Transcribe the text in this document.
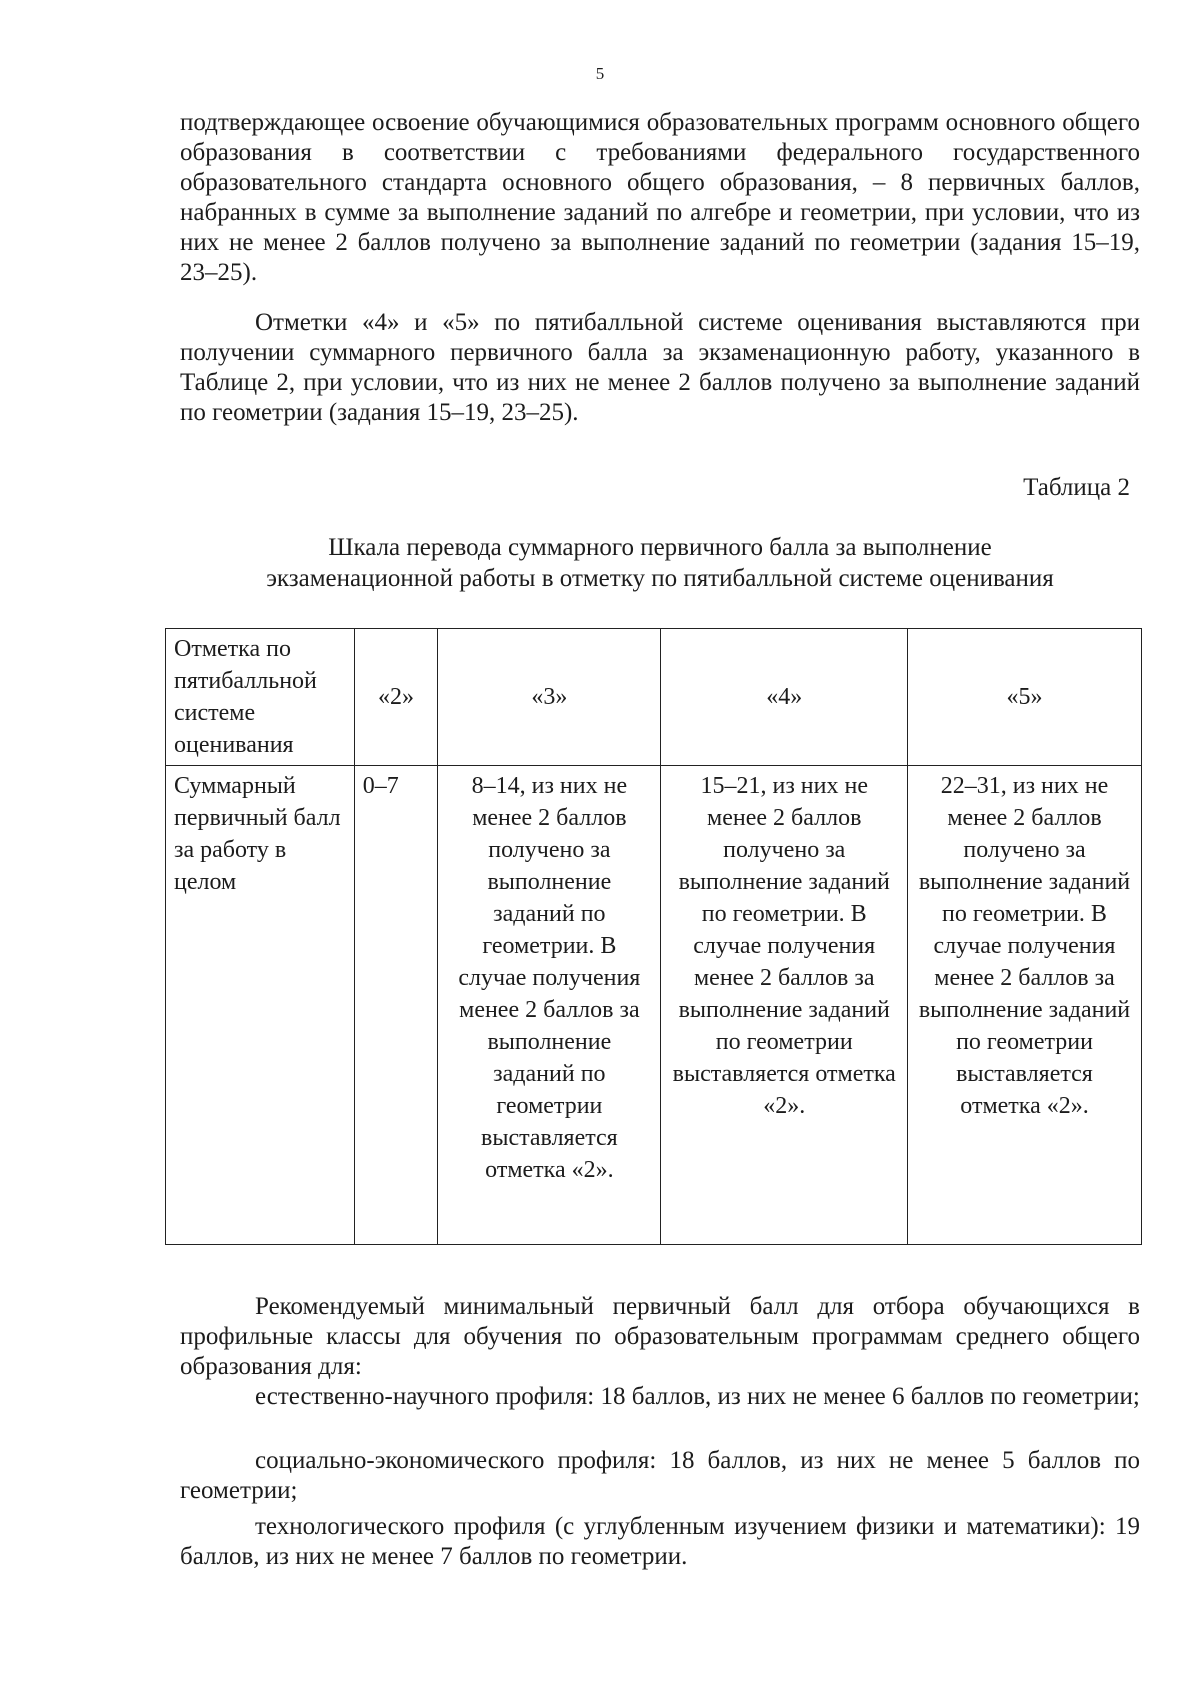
5

подтверждающее освоение обучающимися образовательных программ основного общего образования в соответствии с требованиями федерального государственного образовательного стандарта основного общего образования, – 8 первичных баллов, набранных в сумме за выполнение заданий по алгебре и геометрии, при условии, что из них не менее 2 баллов получено за выполнение заданий по геометрии (задания 15–19, 23–25).

Отметки «4» и «5» по пятибалльной системе оценивания выставляются при получении суммарного первичного балла за экзаменационную работу, указанного в Таблице 2, при условии, что из них не менее 2 баллов получено за выполнение заданий по геометрии (задания 15–19, 23–25).

Таблица 2
Шкала перевода суммарного первичного балла за выполнение
экзаменационной работы в отметку по пятибалльной системе оценивания
Отметка по пятибалльной системе оценивания	«2»	«3»	«4»	«5»
Суммарный первичный балл за работу в целом	0–7	8–14, из них не менее 2 баллов получено за выполнение заданий по геометрии. В случае получения менее 2 баллов за выполнение заданий по геометрии выставляется отметка «2».	15–21, из них не менее 2 баллов получено за выполнение заданий по геометрии. В случае получения менее 2 баллов за выполнение заданий по геометрии выставляется отметка «2».	22–31, из них не менее 2 баллов получено за выполнение заданий по геометрии. В случае получения менее 2 баллов за выполнение заданий по геометрии выставляется отметка «2».

Рекомендуемый минимальный первичный балл для отбора обучающихся в профильные классы для обучения по образовательным программам среднего общего образования для:

естественно-научного профиля: 18 баллов, из них не менее 6 баллов по геометрии;

социально-экономического профиля: 18 баллов, из них не менее 5 баллов по геометрии;

технологического профиля (с углубленным изучением физики и математики): 19 баллов, из них не менее 7 баллов по геометрии.
